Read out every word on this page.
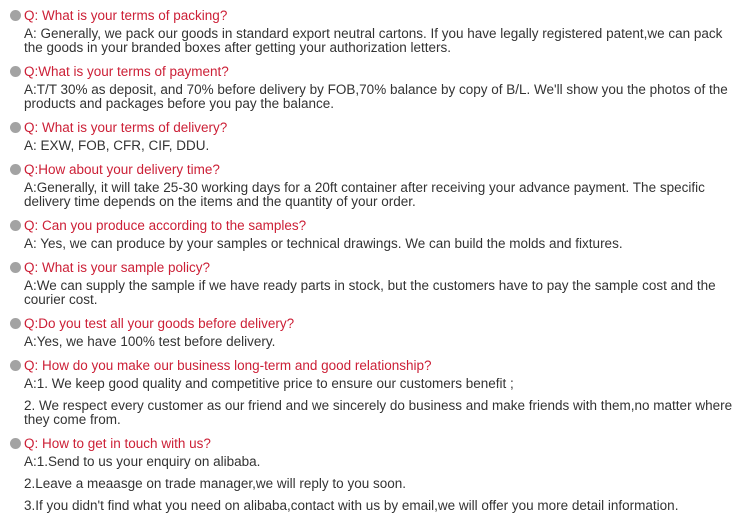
Q: What is your terms of packing?

A: Generally, we pack our goods in standard export neutral cartons. If you have legally registered patent,we can pack the goods in your branded boxes after getting your authorization letters.

Q:What is your terms of payment?

A:T/T 30% as deposit, and 70% before delivery by FOB,70% balance by copy of B/L. We'll show you the photos of the products and packages before you pay the balance.

Q: What is your terms of delivery?

A: EXW, FOB, CFR, CIF, DDU.

Q:How about your delivery time?

A:Generally, it will take 25-30 working days for a 20ft container after receiving your advance payment. The specific delivery time depends on the items and the quantity of your order.

Q: Can you produce according to the samples?

A: Yes, we can produce by your samples or technical drawings. We can build the molds and fixtures.

Q: What is your sample policy?

A:We can supply the sample if we have ready parts in stock, but the customers have to pay the sample cost and the courier cost.

Q:Do you test all your goods before delivery?

A:Yes, we have 100% test before delivery.

Q: How do you make our business long-term and good relationship?

A:1. We keep good quality and competitive price to ensure our customers benefit ;

2. We respect every customer as our friend and we sincerely do business and make friends with them,no matter where they come from.

Q: How to get in touch with us?

A:1.Send to us your enquiry on alibaba.

2.Leave a meaasge on trade manager,we will reply to you soon.

3.If you didn't find what you need on alibaba,contact with us by email,we will offer you more detail information.
